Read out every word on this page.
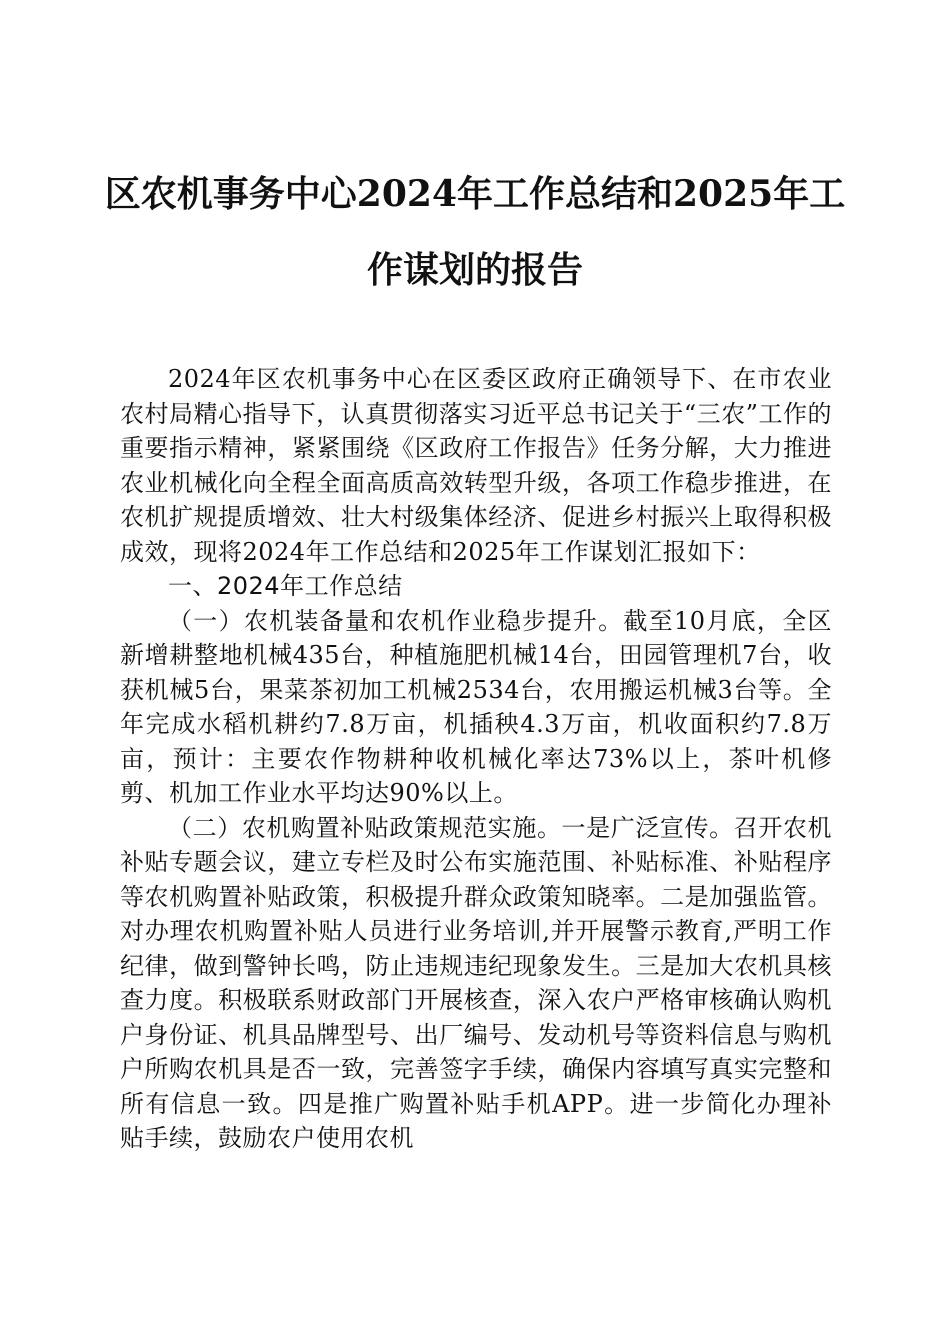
区农机事务中心2024年工作总结和2025年工
作谋划的报告

2024年区农机事务中心在区委区政府正确领导下、在市农业农村局精心指导下，认真贯彻落实习近平总书记关于“三农”工作的重要指示精神，紧紧围绕《区政府工作报告》任务分解，大力推进农业机械化向全程全面高质高效转型升级，各项工作稳步推进，在农机扩规提质增效、壮大村级集体经济、促进乡村振兴上取得积极成效，现将2024年工作总结和2025年工作谋划汇报如下：

一、2024年工作总结

（一）农机装备量和农机作业稳步提升。截至10月底，全区新增耕整地机械435台，种植施肥机械14台，田园管理机7台，收获机械5台，果菜茶初加工机械2534台，农用搬运机械3台等。全年完成水稻机耕约7.8万亩，机插秧4.3万亩，机收面积约7.8万亩，预计：主要农作物耕种收机械化率达73%以上，茶叶机修剪、机加工作业水平均达90%以上。

（二）农机购置补贴政策规范实施。一是广泛宣传。召开农机补贴专题会议，建立专栏及时公布实施范围、补贴标准、补贴程序等农机购置补贴政策，积极提升群众政策知晓率。二是加强监管。对办理农机购置补贴人员进行业务培训,并开展警示教育,严明工作纪律，做到警钟长鸣，防止违规违纪现象发生。三是加大农机具核查力度。积极联系财政部门开展核查，深入农户严格审核确认购机户身份证、机具品牌型号、出厂编号、发动机号等资料信息与购机户所购农机具是否一致，完善签字手续，确保内容填写真实完整和所有信息一致。四是推广购置补贴手机APP。进一步简化办理补贴手续，鼓励农户使用农机
